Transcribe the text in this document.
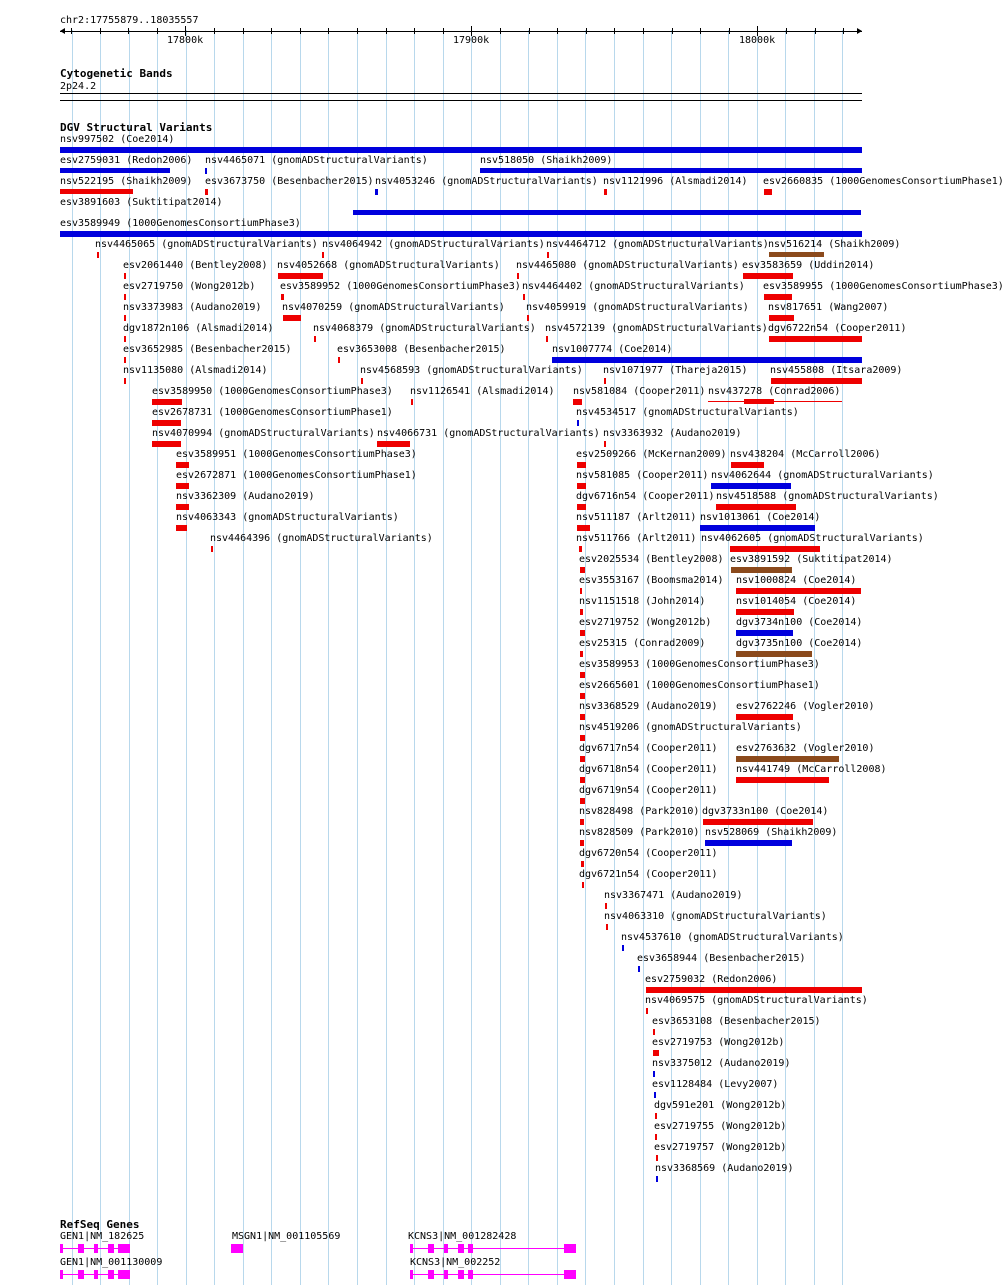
chr2:17755879..18035557
17800k	17900k	18000k
Cytogenetic Bands
2p24.2
DGV Structural Variants
nsv997502 (Coe2014)
esv2759031 (Redon2006) nsv4465071 (gnomADStructuralVariants)	nsv518050 (Shaikh2009)
nsv522195 (Shaikh2009) esv3673750 (Besenbacher2015) nsv4053246 (gnomADStructuralVariants) nsv1121996 (Alsmadi2014) esv2660835 (1000GenomesConsortiumPhase1)
esv3891603 (Suktitipat2014)
esv3589949 (1000GenomesConsortiumPhase3)
nsv4465065 (gnomADStructuralVariants) nsv4064942 (gnomADStructuralVariants) nsv4464712 (gnomADStructuralVariants) nsv516214 (Shaikh2009)
esv2061440 (Bentley2008) nsv4052668 (gnomADStructuralVariants) nsv4465080 (gnomADStructuralVariants) esv3583659 (Uddin2014)
esv2719750 (Wong2012b) esv3589952 (1000GenomesConsortiumPhase3) nsv4464402 (gnomADStructuralVariants) esv3589955 (1000GenomesConsortiumPhase3)
nsv3373983 (Audano2019) nsv4070259 (gnomADStructuralVariants) nsv4059919 (gnomADStructuralVariants) nsv817651 (Wang2007)
dgv1872n106 (Alsmadi2014)	nsv4068379 (gnomADStructuralVariants) nsv4572139 (gnomADStructuralVariants) dgv6722n54 (Cooper2011)
esv3652985 (Besenbacher2015)	esv3653008 (Besenbacher2015)	nsv1007774 (Coe2014)
nsv1135080 (Alsmadi2014)	nsv4568593 (gnomADStructuralVariants) nsv1071977 (Thareja2015) nsv455808 (Itsara2009)
esv3589950 (1000GenomesConsortiumPhase3) nsv1126541 (Alsmadi2014) nsv581084 (Cooper2011) nsv437278 (Conrad2006)
esv2678731 (1000GenomesConsortiumPhase1)	nsv4534517 (gnomADStructuralVariants)
nsv4070994 (gnomADStructuralVariants) nsv4066731 (gnomADStructuralVariants) nsv3363932 (Audano2019)
esv3589951 (1000GenomesConsortiumPhase3)	esv2509266 (McKernan2009) nsv438204 (McCarroll2006)
esv2672871 (1000GenomesConsortiumPhase1)	nsv581085 (Cooper2011) nsv4062644 (gnomADStructuralVariants)
nsv3362309 (Audano2019)	dgv6716n54 (Cooper2011) nsv4518588 (gnomADStructuralVariants)
nsv4063343 (gnomADStructuralVariants)	nsv511187 (Arlt2011) nsv1013061 (Coe2014)
nsv4464396 (gnomADStructuralVariants)	nsv511766 (Arlt2011) nsv4062605 (gnomADStructuralVariants)
esv2025534 (Bentley2008) esv3891592 (Suktitipat2014)
esv3553167 (Boomsma2014) nsv1000824 (Coe2014)
nsv1151518 (John2014)	nsv1014054 (Coe2014)
esv2719752 (Wong2012b) dgv3734n100 (Coe2014)
esv25315 (Conrad2009)	dgv3735n100 (Coe2014)
esv3589953 (1000GenomesConsortiumPhase3)
esv2665601 (1000GenomesConsortiumPhase1)
nsv3368529 (Audano2019) esv2762246 (Vogler2010)
nsv4519206 (gnomADStructuralVariants)
dgv6717n54 (Cooper2011) esv2763632 (Vogler2010)
dgv6718n54 (Cooper2011) nsv441749 (McCarroll2008)
dgv6719n54 (Cooper2011)
nsv828498 (Park2010) dgv3733n100 (Coe2014)
nsv828509 (Park2010) nsv528069 (Shaikh2009)
dgv6720n54 (Cooper2011)
dgv6721n54 (Cooper2011)
nsv3367471 (Audano2019)
nsv4063310 (gnomADStructuralVariants)
nsv4537610 (gnomADStructuralVariants)
esv3658944 (Besenbacher2015)
esv2759032 (Redon2006)
nsv4069575 (gnomADStructuralVariants)
esv3653108 (Besenbacher2015)
esv2719753 (Wong2012b)
nsv3375012 (Audano2019)
esv1128484 (Levy2007)
dgv591e201 (Wong2012b)
esv2719755 (Wong2012b)
esv2719757 (Wong2012b)
nsv3368569 (Audano2019)
RefSeq Genes
GEN1|NM_182625	MSGN1|NM_001105569	KCNS3|NM_001282428
GEN1|NM_001130009	KCNS3|NM_002252
